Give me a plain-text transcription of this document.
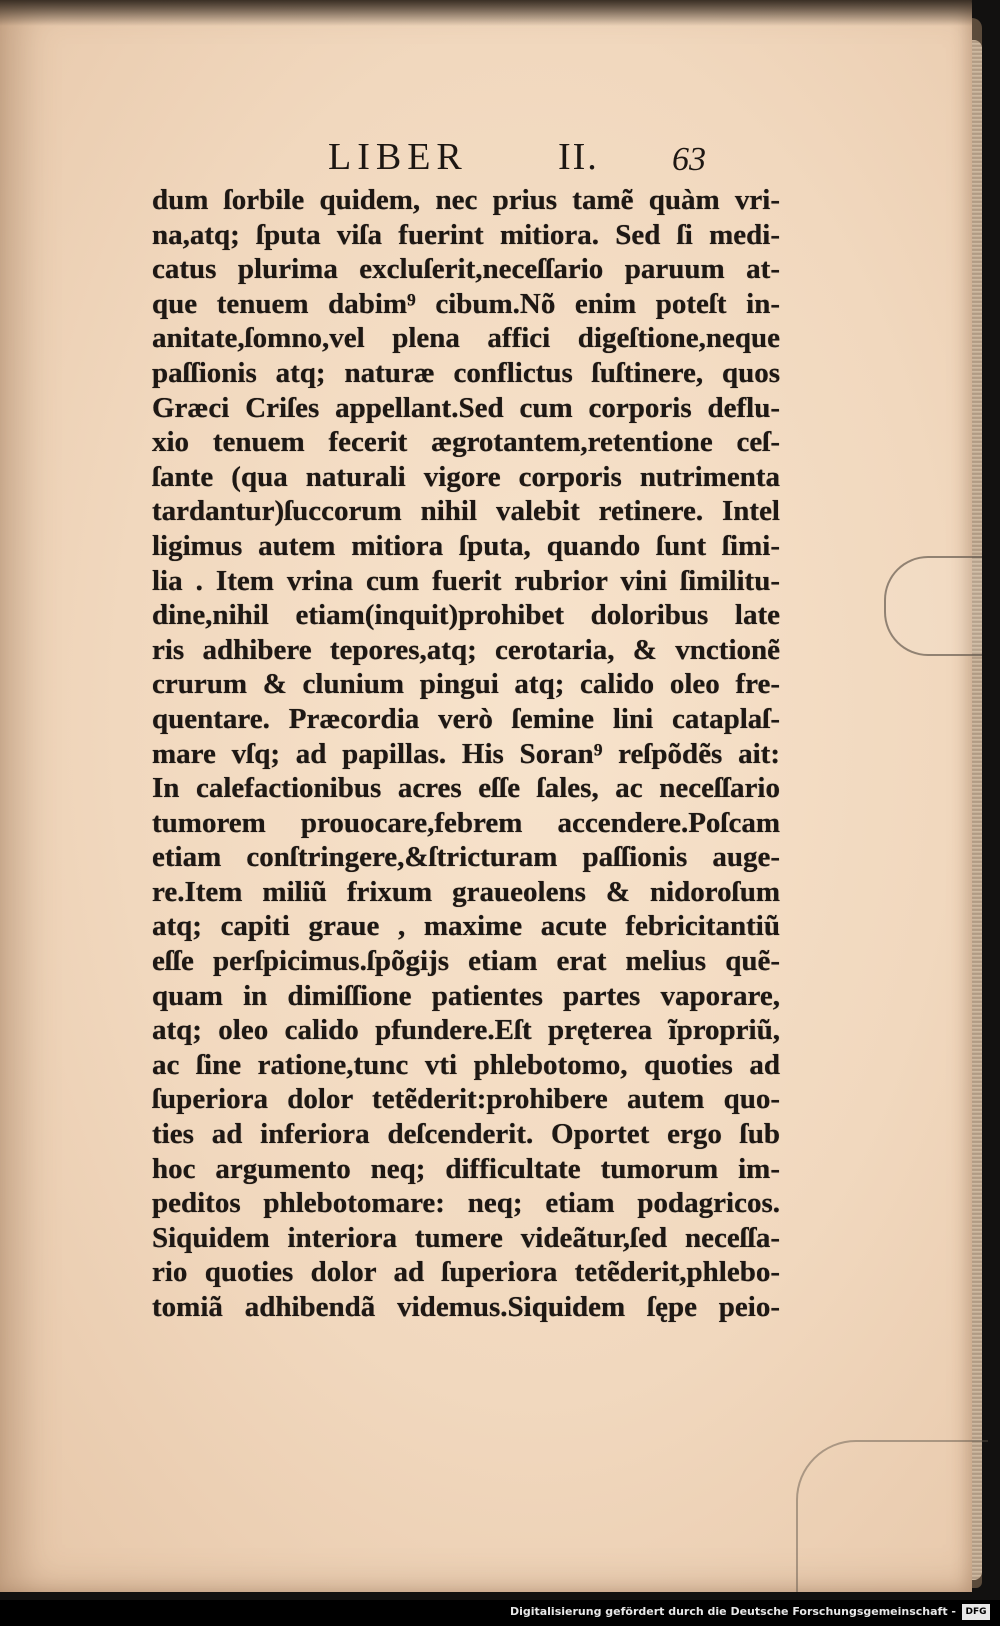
LIBER II. 63
dum ſorbile quidem, nec prius tamẽ quàm vri-
na,atq; ſputa viſa fuerint mitiora. Sed ſi medi-
catus plurima excluſerit,neceſſario paruum at-
que tenuem dabim⁹ cibum.Nõ enim poteſt in-
anitate,ſomno,vel plena affici digeſtione,neque
paſſionis atq; naturæ conflictus ſuſtinere, quos
Græci Criſes appellant.Sed cum corporis deflu-
xio tenuem fecerit ægrotantem,retentione ceſ-
ſante (qua naturali vigore corporis nutrimenta
tardantur)ſuccorum nihil valebit retinere. Intel
ligimus autem mitiora ſputa, quando ſunt ſimi-
lia . Item vrina cum fuerit rubrior vini ſimilitu-
dine,nihil etiam(inquit)prohibet doloribus late
ris adhibere tepores,atq; cerotaria, & vnctionẽ
crurum & clunium pingui atq; calido oleo fre-
quentare. Præcordia verò ſemine lini cataplaſ-
mare vſq; ad papillas. His Soran⁹ reſpõdẽs ait:
In calefactionibus acres eſſe ſales, ac neceſſario
tumorem prouocare,febrem accendere.Poſcam
etiam conſtringere,&ſtricturam paſſionis auge-
re.Item miliũ frixum graueolens & nidoroſum
atq; capiti graue , maxime acute febricitantiũ
eſſe perſpicimus.ſpõgijs etiam erat melius quẽ-
quam in dimiſſione patientes partes vaporare,
atq; oleo calido pfundere.Eſt pręterea ĩpropriũ,
ac ſine ratione,tunc vti phlebotomo, quoties ad
ſuperiora dolor tetẽderit:prohibere autem quo-
ties ad inferiora deſcenderit. Oportet ergo ſub
hoc argumento neq; difficultate tumorum im-
peditos phlebotomare: neq; etiam podagricos.
Siquidem interiora tumere videãtur,ſed neceſſa-
rio quoties dolor ad ſuperiora tetẽderit,phlebo-
tomiã adhibendã videmus.Siquidem ſępe peio-
Digitalisierung gefördert durch die Deutsche Forschungsgemeinschaft -	DFG
